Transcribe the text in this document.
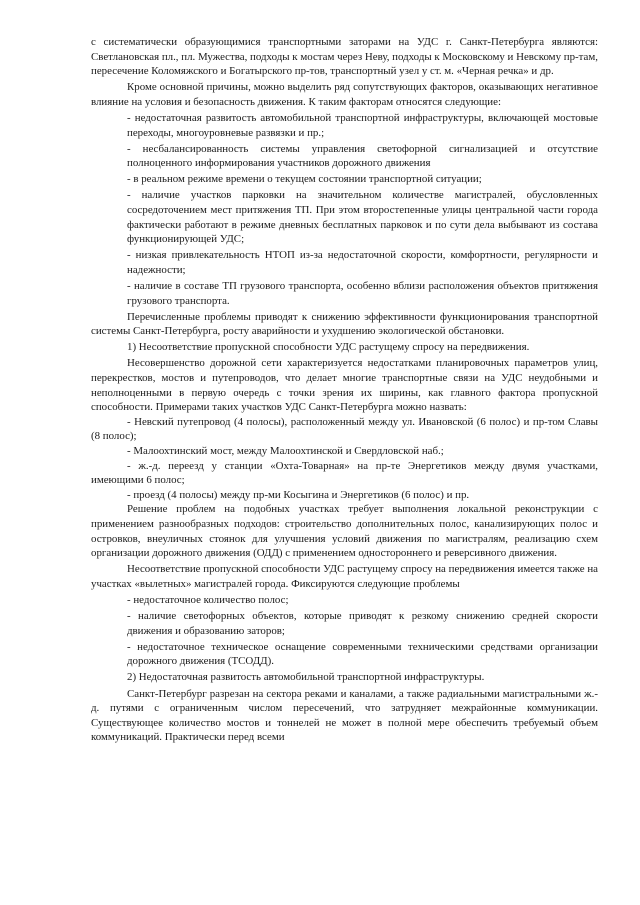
с систематически образующимися транспортными заторами на УДС г. Санкт-Петербурга являются: Светлановская пл., пл. Мужества, подходы к мостам через Неву, подходы к Московскому и Невскому пр-там, пересечение Коломяжского и Богатырского пр-тов, транспортный узел у ст. м. «Черная речка» и др.

Кроме основной причины, можно выделить ряд сопутствующих факторов, оказывающих негативное влияние на условия и безопасность движения. К таким факторам относятся следующие:

- недостаточная развитость автомобильной транспортной инфраструктуры, включающей мостовые переходы, многоуровневые развязки и пр.;

- несбалансированность системы управления светофорной сигнализацией и отсутствие полноценного информирования участников дорожного движения

- в реальном режиме времени о текущем состоянии транспортной ситуации;

- наличие участков парковки на значительном количестве магистралей, обусловленных сосредоточением мест притяжения ТП. При этом второстепенные улицы центральной части города фактически работают в режиме дневных бесплатных парковок и по сути дела выбывают из состава функционирующей УДС;

- низкая привлекательность НТОП из-за недостаточной скорости, комфортности, регулярности и надежности;

- наличие в составе ТП грузового транспорта, особенно вблизи расположения объектов притяжения грузового транспорта.

Перечисленные проблемы приводят к снижению эффективности функционирования транспортной системы Санкт-Петербурга, росту аварийности и ухудшению экологической обстановки.

1) Несоответствие пропускной способности УДС растущему спросу на передвижения.

Несовершенство дорожной сети характеризуется недостатками планировочных параметров улиц, перекрестков, мостов и путепроводов, что делает многие транспортные связи на УДС неудобными и неполноценными в первую очередь с точки зрения их ширины, как главного фактора пропускной способности. Примерами таких участков УДС Санкт-Петербурга можно назвать:

- Невский путепровод (4 полосы), расположенный между ул. Ивановской (6 полос) и пр-том Славы (8 полос);

- Малоохтинский мост, между Малоохтинской и Свердловской наб.;

- ж.-д. переезд у станции «Охта-Товарная» на пр-те Энергетиков между двумя участками, имеющими 6 полос;

- проезд (4 полосы) между пр-ми Косыгина и Энергетиков (6 полос) и пр.

Решение проблем на подобных участках требует выполнения локальной реконструкции с применением разнообразных подходов: строительство дополнительных полос, канализирующих полос и островков, внеуличных стоянок для улучшения условий движения по магистралям, реализацию схем организации дорожного движения (ОДД) с применением одностороннего и реверсивного движения.

Несоответствие пропускной способности УДС растущему спросу на передвижения имеется также на участках «вылетных» магистралей города. Фиксируются следующие проблемы

- недостаточное количество полос;

- наличие светофорных объектов, которые приводят к резкому снижению средней скорости движения и образованию заторов;

- недостаточное техническое оснащение современными техническими средствами организации дорожного движения (ТСОДД).

2) Недостаточная развитость автомобильной транспортной инфраструктуры.

Санкт-Петербург разрезан на сектора реками и каналами, а также радиальными магистральными ж.-д. путями с ограниченным числом пересечений, что затрудняет межрайонные коммуникации. Существующее количество мостов и тоннелей не может в полной мере обеспечить требуемый объем коммуникаций. Практически перед всеми
